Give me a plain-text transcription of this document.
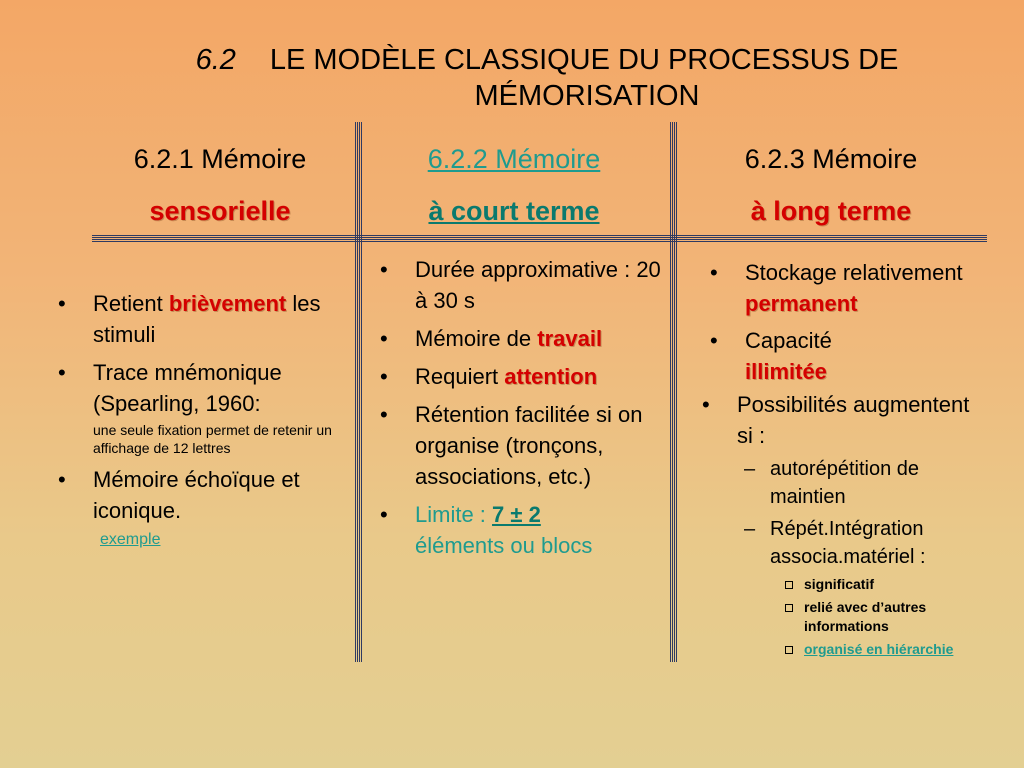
6.2 LE MODÈLE CLASSIQUE DU PROCESSUS DE
MÉMORISATION
6.2.1 Mémoire
sensorielle
6.2.2 Mémoire
à court terme
6.2.3 Mémoire
à long terme
•	Retient brièvement les stimuli
•	Trace mnémonique (Spearling, 1960:
une seule fixation permet de retenir un affichage de 12 lettres
•	Mémoire échoïque et iconique.
exemple
•	Durée approximative : 20 à 30 s
•	Mémoire de travail
•	Requiert attention
•	Rétention facilitée si on organise (tronçons, associations, etc.)
•	Limite : 7 ± 2
éléments ou blocs
•	Stockage relativement permanent
•	Capacité
illimitée
•	Possibilités augmentent si :
– autorépétition de maintien
– Répét.Intégration associa.matériel :
significatif
relié avec d’autres informations
organisé en hiérarchie
